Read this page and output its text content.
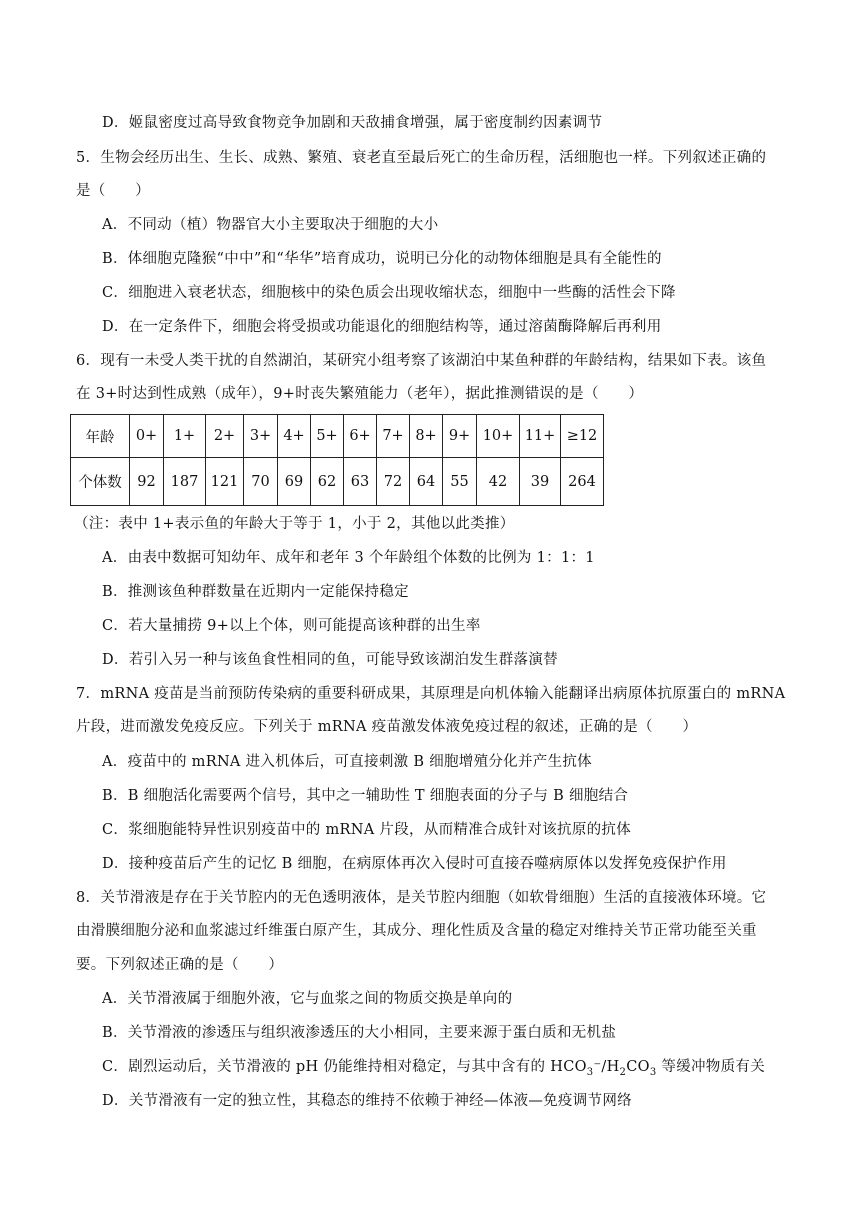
D．姬鼠密度过高导致食物竞争加剧和天敌捕食增强，属于密度制约因素调节
5．生物会经历出生、生长、成熟、繁殖、衰老直至最后死亡的生命历程，活细胞也一样。下列叙述正确的
是（　　）
A．不同动（植）物器官大小主要取决于细胞的大小
B．体细胞克隆猴“中中”和“华华”培育成功，说明已分化的动物体细胞是具有全能性的
C．细胞进入衰老状态，细胞核中的染色质会出现收缩状态，细胞中一些酶的活性会下降
D．在一定条件下，细胞会将受损或功能退化的细胞结构等，通过溶菌酶降解后再利用
6．现有一未受人类干扰的自然湖泊，某研究小组考察了该湖泊中某鱼种群的年龄结构，结果如下表。该鱼
在 3+时达到性成熟（成年），9+时丧失繁殖能力（老年），据此推测错误的是（　　）
年龄	0+	1+	2+	3+	4+	5+	6+	7+	8+	9+	10+	11+	≥12
个体数	92	187	121	70	69	62	63	72	64	55	42	39	264
（注：表中 1+表示鱼的年龄大于等于 1，小于 2，其他以此类推）
A．由表中数据可知幼年、成年和老年 3 个年龄组个体数的比例为 1：1：1
B．推测该鱼种群数量在近期内一定能保持稳定
C．若大量捕捞 9+以上个体，则可能提高该种群的出生率
D．若引入另一种与该鱼食性相同的鱼，可能导致该湖泊发生群落演替
7．mRNA 疫苗是当前预防传染病的重要科研成果，其原理是向机体输入能翻译出病原体抗原蛋白的 mRNA
片段，进而激发免疫反应。下列关于 mRNA 疫苗激发体液免疫过程的叙述，正确的是（　　）
A．疫苗中的 mRNA 进入机体后，可直接刺激 B 细胞增殖分化并产生抗体
B．B 细胞活化需要两个信号，其中之一辅助性 T 细胞表面的分子与 B 细胞结合
C．浆细胞能特异性识别疫苗中的 mRNA 片段，从而精准合成针对该抗原的抗体
D．接种疫苗后产生的记忆 B 细胞，在病原体再次入侵时可直接吞噬病原体以发挥免疫保护作用
8．关节滑液是存在于关节腔内的无色透明液体，是关节腔内细胞（如软骨细胞）生活的直接液体环境。它
由滑膜细胞分泌和血浆滤过纤维蛋白原产生，其成分、理化性质及含量的稳定对维持关节正常功能至关重
要。下列叙述正确的是（　　）
A．关节滑液属于细胞外液，它与血浆之间的物质交换是单向的
B．关节滑液的渗透压与组织液渗透压的大小相同，主要来源于蛋白质和无机盐
C．剧烈运动后，关节滑液的 pH 仍能维持相对稳定，与其中含有的 $HCO_3^-/H_2CO_3$ 等缓冲物质有关
D．关节滑液有一定的独立性，其稳态的维持不依赖于神经—体液—免疫调节网络
